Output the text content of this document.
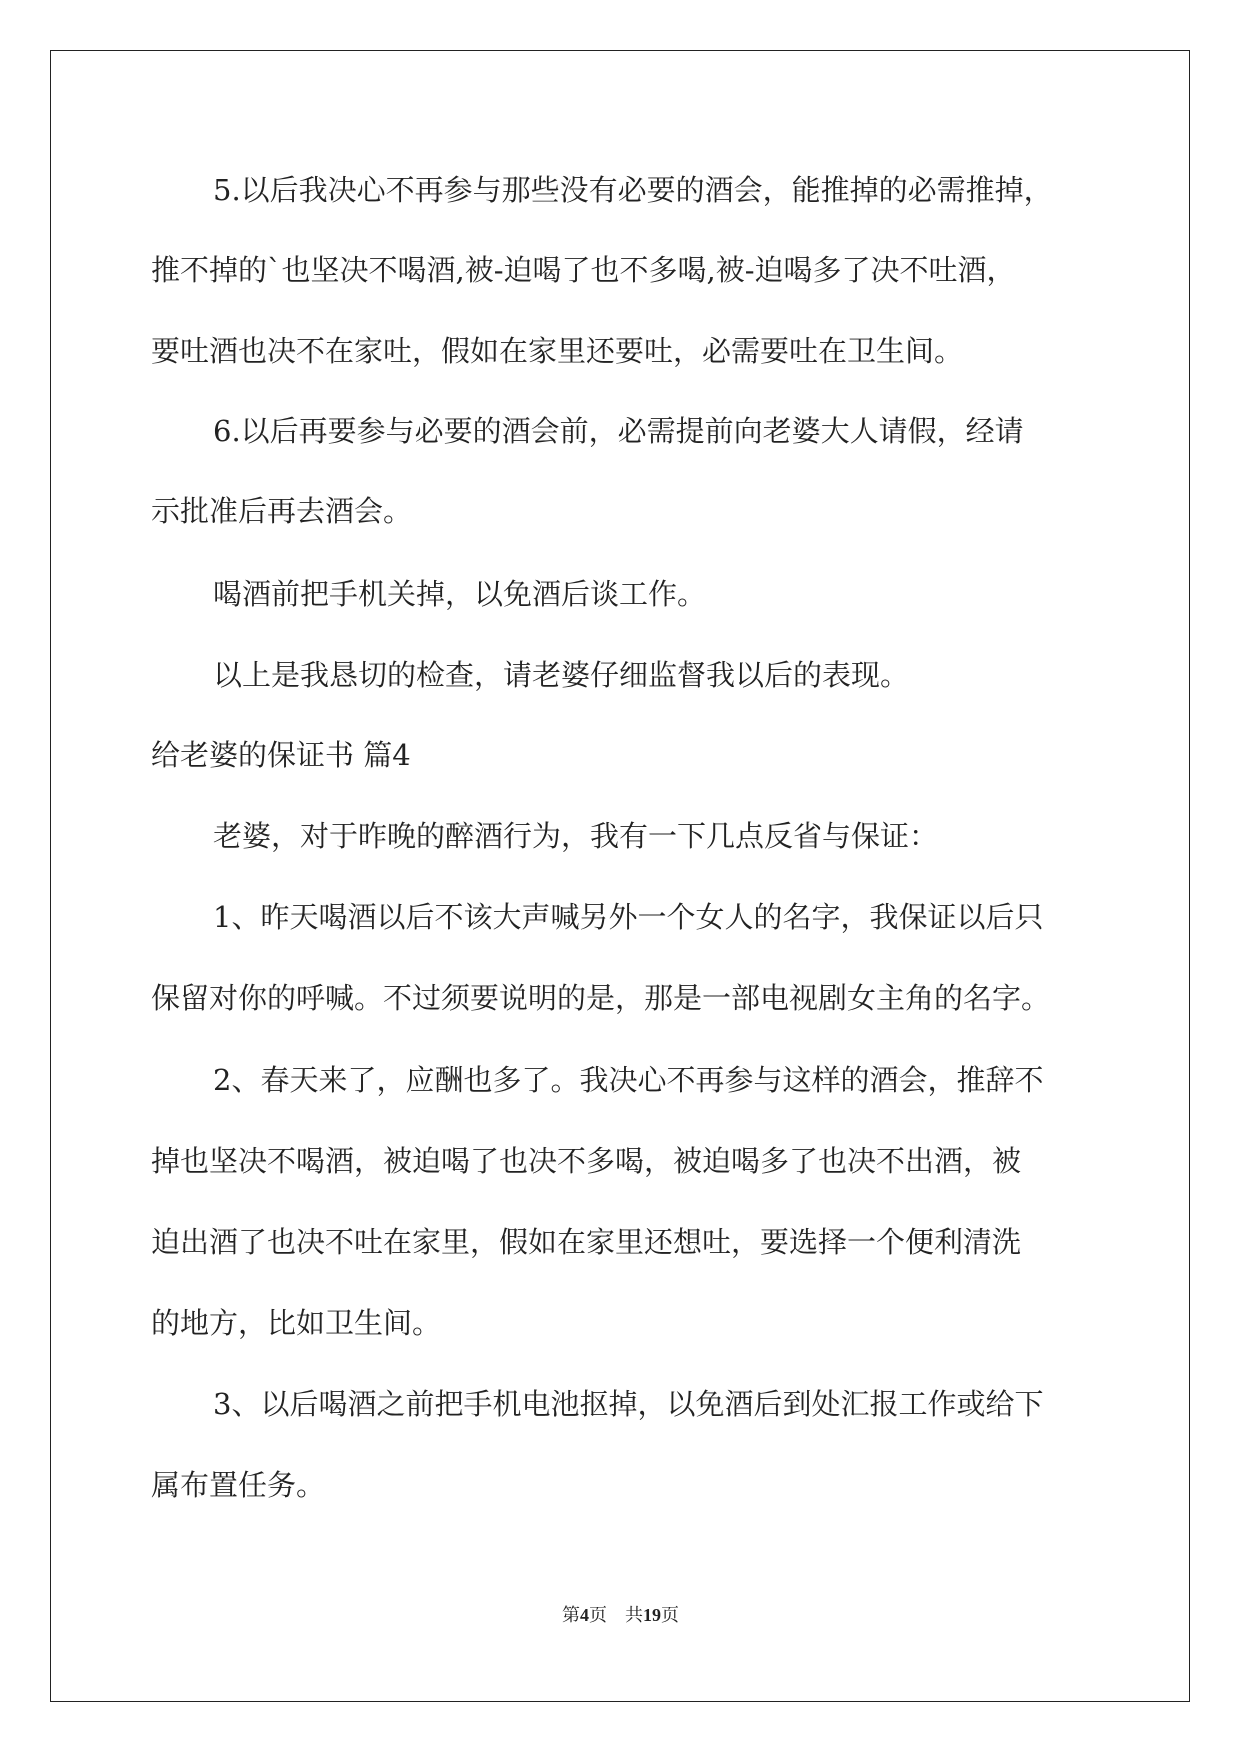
5.以后我决心不再参与那些没有必要的酒会，能推掉的必需推掉，
推不掉的`也坚决不喝酒,被-迫喝了也不多喝,被-迫喝多了决不吐酒，
要吐酒也决不在家吐，假如在家里还要吐，必需要吐在卫生间。
6.以后再要参与必要的酒会前，必需提前向老婆大人请假，经请
示批准后再去酒会。
喝酒前把手机关掉，以免酒后谈工作。
以上是我恳切的检查，请老婆仔细监督我以后的表现。
给老婆的保证书 篇4
老婆，对于昨晚的醉酒行为，我有一下几点反省与保证：
1、昨天喝酒以后不该大声喊另外一个女人的名字，我保证以后只
保留对你的呼喊。不过须要说明的是，那是一部电视剧女主角的名字。
2、春天来了，应酬也多了。我决心不再参与这样的酒会，推辞不
掉也坚决不喝酒，被迫喝了也决不多喝，被迫喝多了也决不出酒，被
迫出酒了也决不吐在家里，假如在家里还想吐，要选择一个便利清洗
的地方，比如卫生间。
3、以后喝酒之前把手机电池抠掉，以免酒后到处汇报工作或给下
属布置任务。
第4页 共19页
